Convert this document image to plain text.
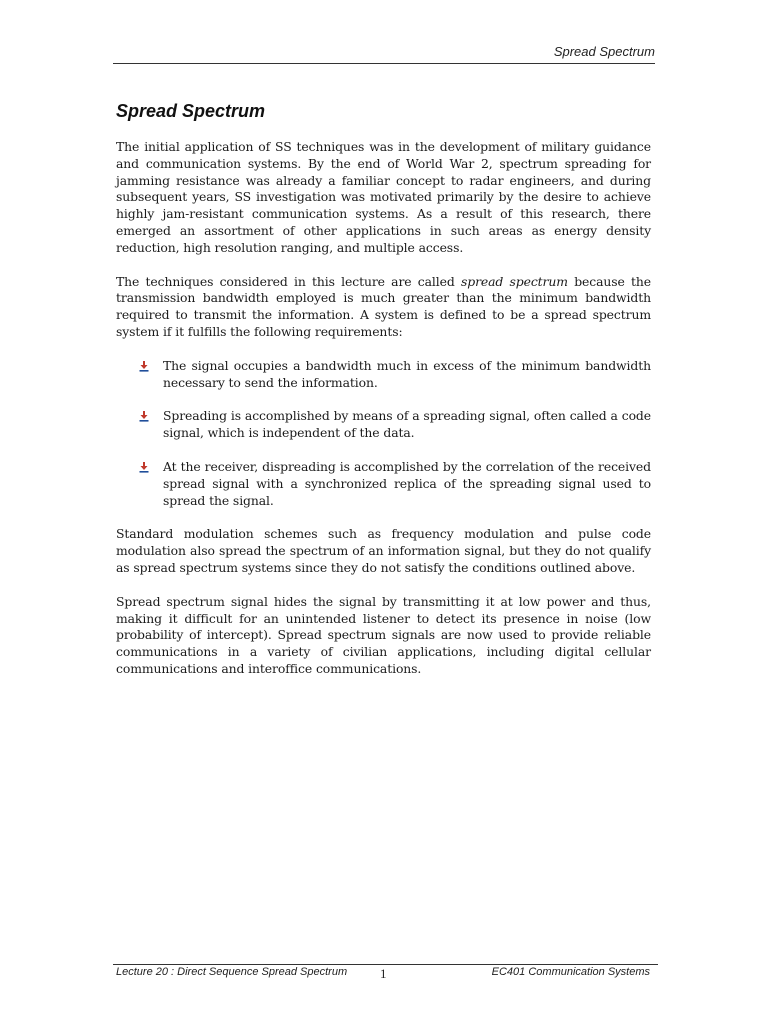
Spread Spectrum
Spread Spectrum

The initial application of SS techniques was in the development of military guidance and communication systems. By the end of World War 2, spectrum spreading for jamming resistance was already a familiar concept to radar engineers, and during subsequent years, SS investigation was motivated primarily by the desire to achieve highly jam-resistant communication systems. As a result of this research, there emerged an assortment of other applications in such areas as energy density reduction, high resolution ranging, and multiple access.

The techniques considered in this lecture are called spread spectrum because the transmission bandwidth employed is much greater than the minimum bandwidth required to transmit the information. A system is defined to be a spread spectrum system if it fulfills the following requirements:

The signal occupies a bandwidth much in excess of the minimum bandwidth necessary to send the information.
Spreading is accomplished by means of a spreading signal, often called a code signal, which is independent of the data.
At the receiver, dispreading is accomplished by the correlation of the received spread signal with a synchronized replica of the spreading signal used to spread the signal.

Standard modulation schemes such as frequency modulation and pulse code modulation also spread the spectrum of an information signal, but they do not qualify as spread spectrum systems since they do not satisfy the conditions outlined above.

Spread spectrum signal hides the signal by transmitting it at low power and thus, making it difficult for an unintended listener to detect its presence in noise (low probability of intercept). Spread spectrum signals are now used to provide reliable communications in a variety of civilian applications, including digital cellular communications and interoffice communications.

Lecture 20 : Direct Sequence Spread Spectrum	1	EC401 Communication Systems
